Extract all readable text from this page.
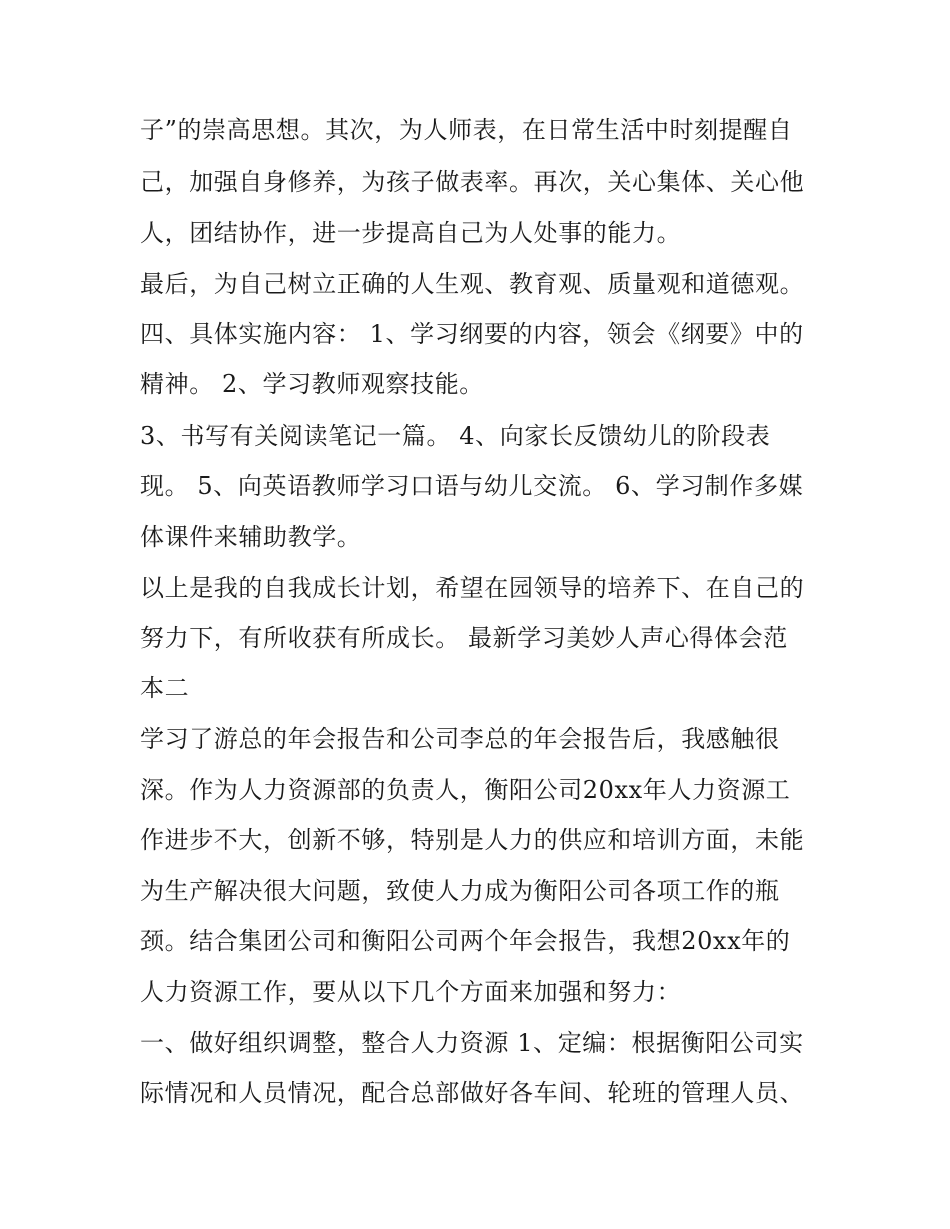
子”的崇高思想。其次，为人师表，在日常生活中时刻提醒自
己，加强自身修养，为孩子做表率。再次，关心集体、关心他
人，团结协作，进一步提高自己为人处事的能力。
最后，为自己树立正确的人生观、教育观、质量观和道德观。
四、具体实施内容： 1、学习纲要的内容，领会《纲要》中的
精神。 2、学习教师观察技能。
3、书写有关阅读笔记一篇。 4、向家长反馈幼儿的阶段表
现。 5、向英语教师学习口语与幼儿交流。 6、学习制作多媒
体课件来辅助教学。
以上是我的自我成长计划，希望在园领导的培养下、在自己的
努力下，有所收获有所成长。 最新学习美妙人声心得体会范
本二
学习了游总的年会报告和公司李总的年会报告后，我感触很
深。作为人力资源部的负责人，衡阳公司20xx年人力资源工
作进步不大，创新不够，特别是人力的供应和培训方面，未能
为生产解决很大问题，致使人力成为衡阳公司各项工作的瓶
颈。结合集团公司和衡阳公司两个年会报告，我想20xx年的
人力资源工作，要从以下几个方面来加强和努力：
一、做好组织调整，整合人力资源 1、定编：根据衡阳公司实
际情况和人员情况，配合总部做好各车间、轮班的管理人员、
